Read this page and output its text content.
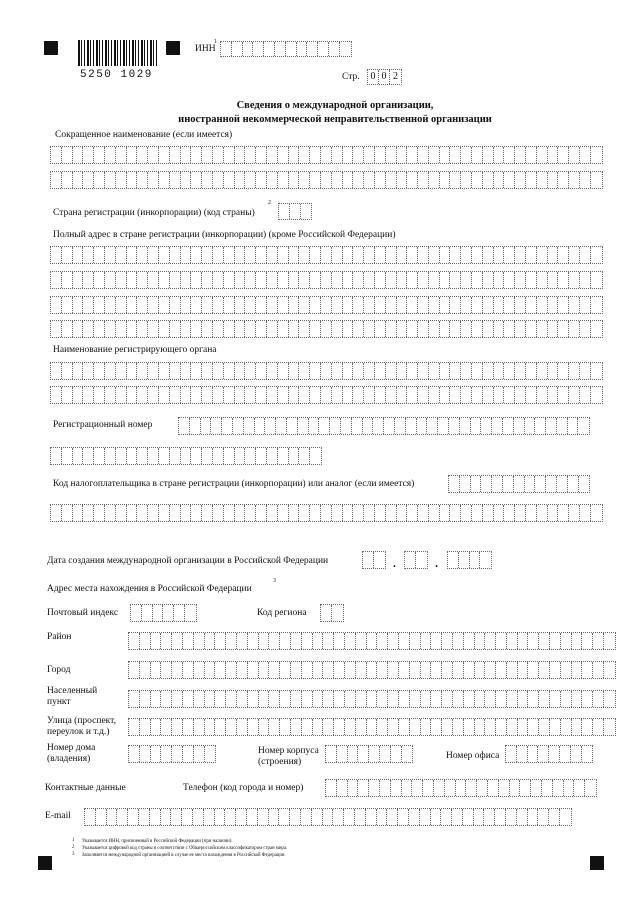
5250 1029
ИНН
1
Стр. 0 0 2
Сведения о международной организации,
иностранной некоммерческой неправительственной организации
Сокращенное наименование (если имеется)
2
Страна регистрации (инкорпорации) (код страны)
Полный адрес в стране регистрации (инкорпорации) (кроме Российской Федерации)
Наименование регистрирующего органа
Регистрационный номер
Код налогоплательщика в стране регистрации (инкорпорации) или аналог (если имеется)
Дата создания международной организации в Российской Федерации	.	.
Адрес места нахождения в Российской Федерации
3
Почтовый индекс	Код региона
Район
Город
Населенный
пункт
Улица (проспект,
переулок и т.д.)
Номер дома
(владения)
Номер корпуса
(строения)
Номер офиса
Контактные данные	Телефон (код города и номер)
E-mail
1 Указывается ИНН, присвоенный в Российской Федерации (при наличии).
2 Указывается цифровой код страны в соответствии с Общероссийским классификатором стран мира.
3 Заполняется международной организацией в случае ее места нахождения в Российской Федерации.
